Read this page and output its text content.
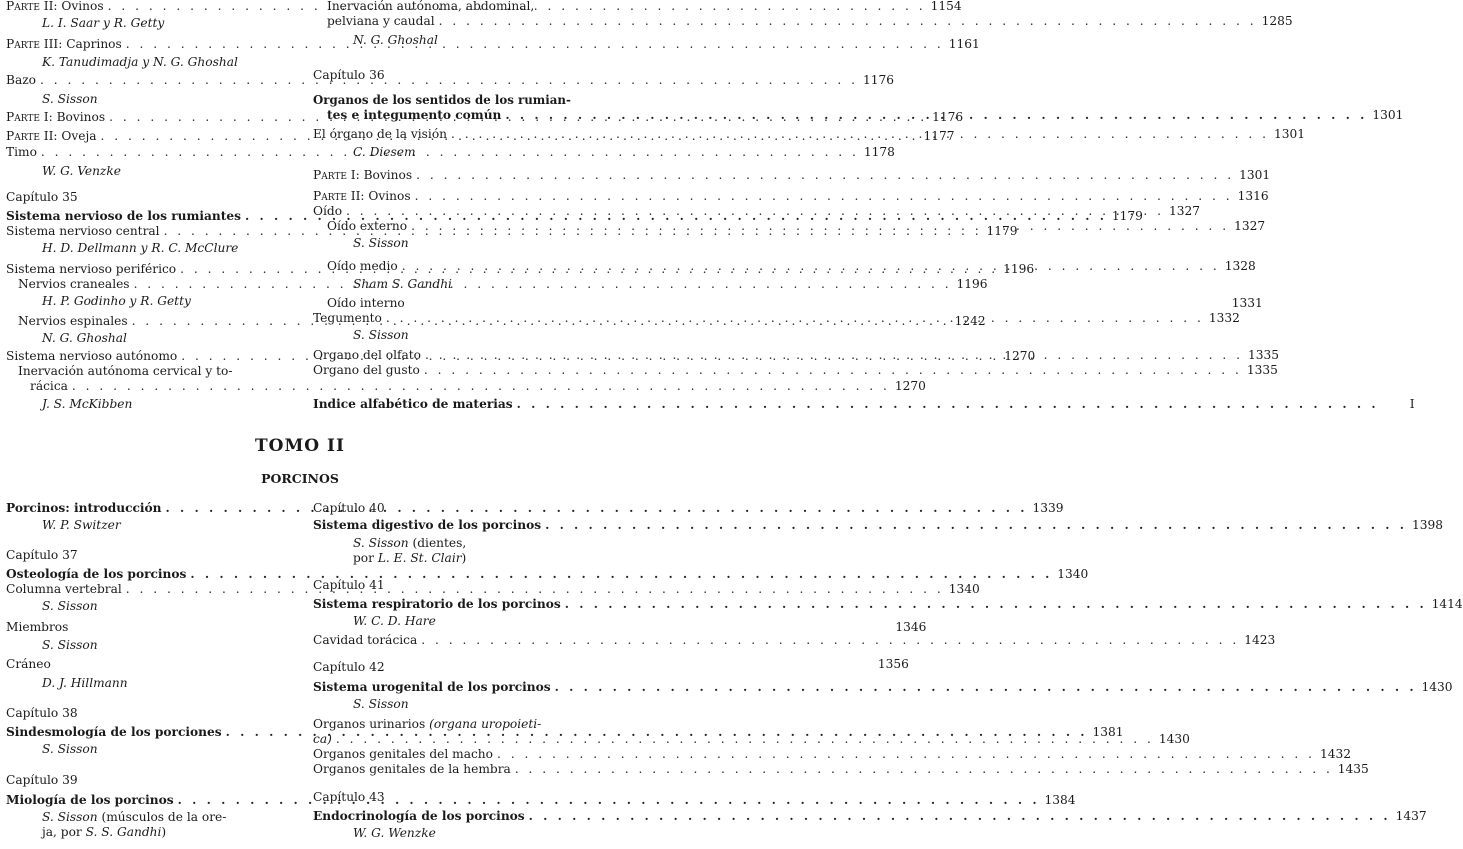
Parte II: Ovinos . . .	1154
L. I. Saar y R. Getty
Parte III: Caprinos . . .	1161
K. Tanudimadja y N. G. Ghoshal
Bazo . . .	1176
S. Sisson
Parte I: Bovinos . . .	1176
Parte II: Oveja . . .	1177
Timo . . .	1178
W. G. Venzke
Capítulo 35
Sistema nervioso de los rumiantes . . .	1179
Sistema nervioso central . . .	1179
H. D. Dellmann y R. C. McClure
Sistema nervioso periférico . . .	1196
Nervios craneales . . .	1196
H. P. Godinho y R. Getty
Nervios espinales . . .	1242
N. G. Ghoshal
Sistema nervioso autónomo . . .	1270
Inervación autónoma cervical y to-
rácica . . .	1270
J. S. McKibben
Inervación autónoma, abdominal,
pelviana y caudal . . .	1285
N. G. Ghoshal
Capítulo 36
Organos de los sentidos de los rumian-
tes e integumento común . . .	1301
El órgano de la visión . . .	1301
C. Diesem
Parte I: Bovinos . . .	1301
Parte II: Ovinos . . .	1316
Oído . . .	1327
Oído externo . . .	1327
S. Sisson
Oído medio . . .	1328
Sham S. Gandhi
Oído interno	1331
Tegumento . . .	1332
S. Sisson
Organo del olfato . . .	1335
Organo del gusto . . .	1335
Indice alfabético de materias . . .	I
TOMO II
PORCINOS
Porcinos: introducción . . .	1339
W. P. Switzer
Capítulo 37
Osteología de los porcinos . . .	1340
Columna vertebral . . .	1340
S. Sisson
Miembros	1346
S. Sisson
Cráneo	1356
D. J. Hillmann
Capítulo 38
Sindesmología de los porciones . . .	1381
S. Sisson
Capítulo 39
Miología de los porcinos . . .	1384
S. Sisson (músculos de la ore-
ja, por S. S. Gandhi)
Capítulo 40
Sistema digestivo de los porcinos . . .	1398
S. Sisson (dientes,
por L. E. St. Clair)
Capítulo 41
Sistema respiratorio de los porcinos . . .	1414
W. C. D. Hare
Cavidad torácica . . .	1423
Capítulo 42
Sistema urogenital de los porcinos . . .	1430
S. Sisson
Organos urinarios (organa uropoieti-
ca) . . .	1430
Organos genitales del macho . . .	1432
Organos genitales de la hembra . . .	1435
Capítulo 43
Endocrinología de los porcinos . . .	1437
W. G. Wenzke
